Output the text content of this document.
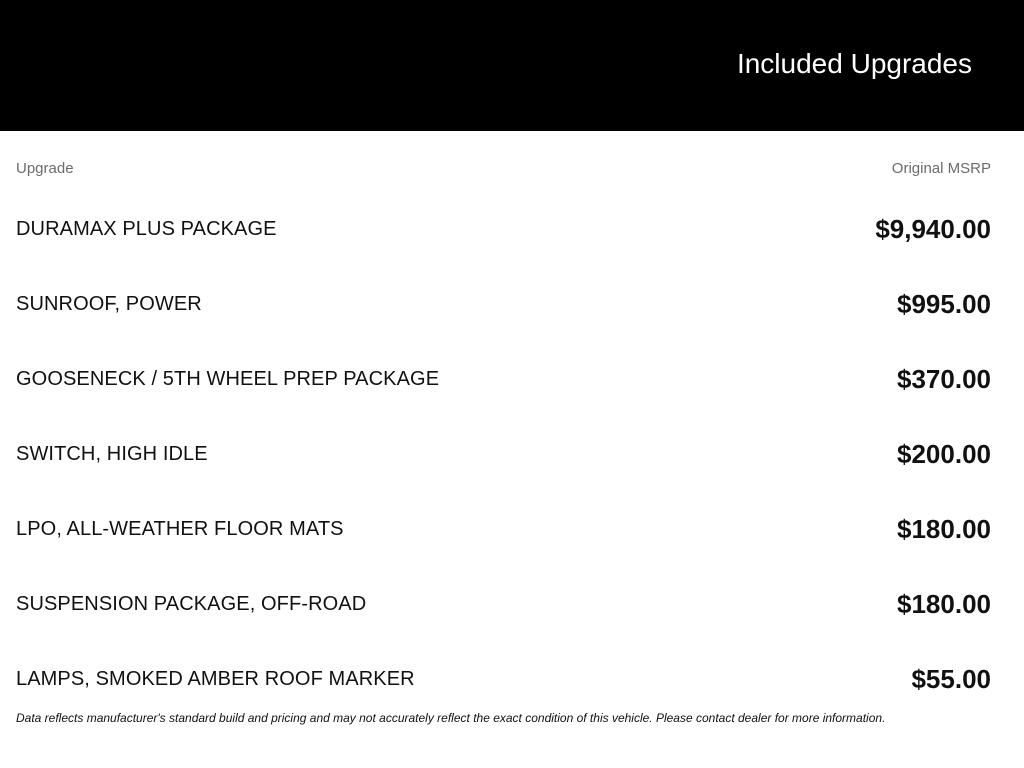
Included Upgrades
Upgrade	Original MSRP
DURAMAX PLUS PACKAGE	$9,940.00
SUNROOF, POWER	$995.00
GOOSENECK / 5TH WHEEL PREP PACKAGE	$370.00
SWITCH, HIGH IDLE	$200.00
LPO, ALL-WEATHER FLOOR MATS	$180.00
SUSPENSION PACKAGE, OFF-ROAD	$180.00
LAMPS, SMOKED AMBER ROOF MARKER	$55.00
Data reflects manufacturer's standard build and pricing and may not accurately reflect the exact condition of this vehicle. Please contact dealer for more information.
